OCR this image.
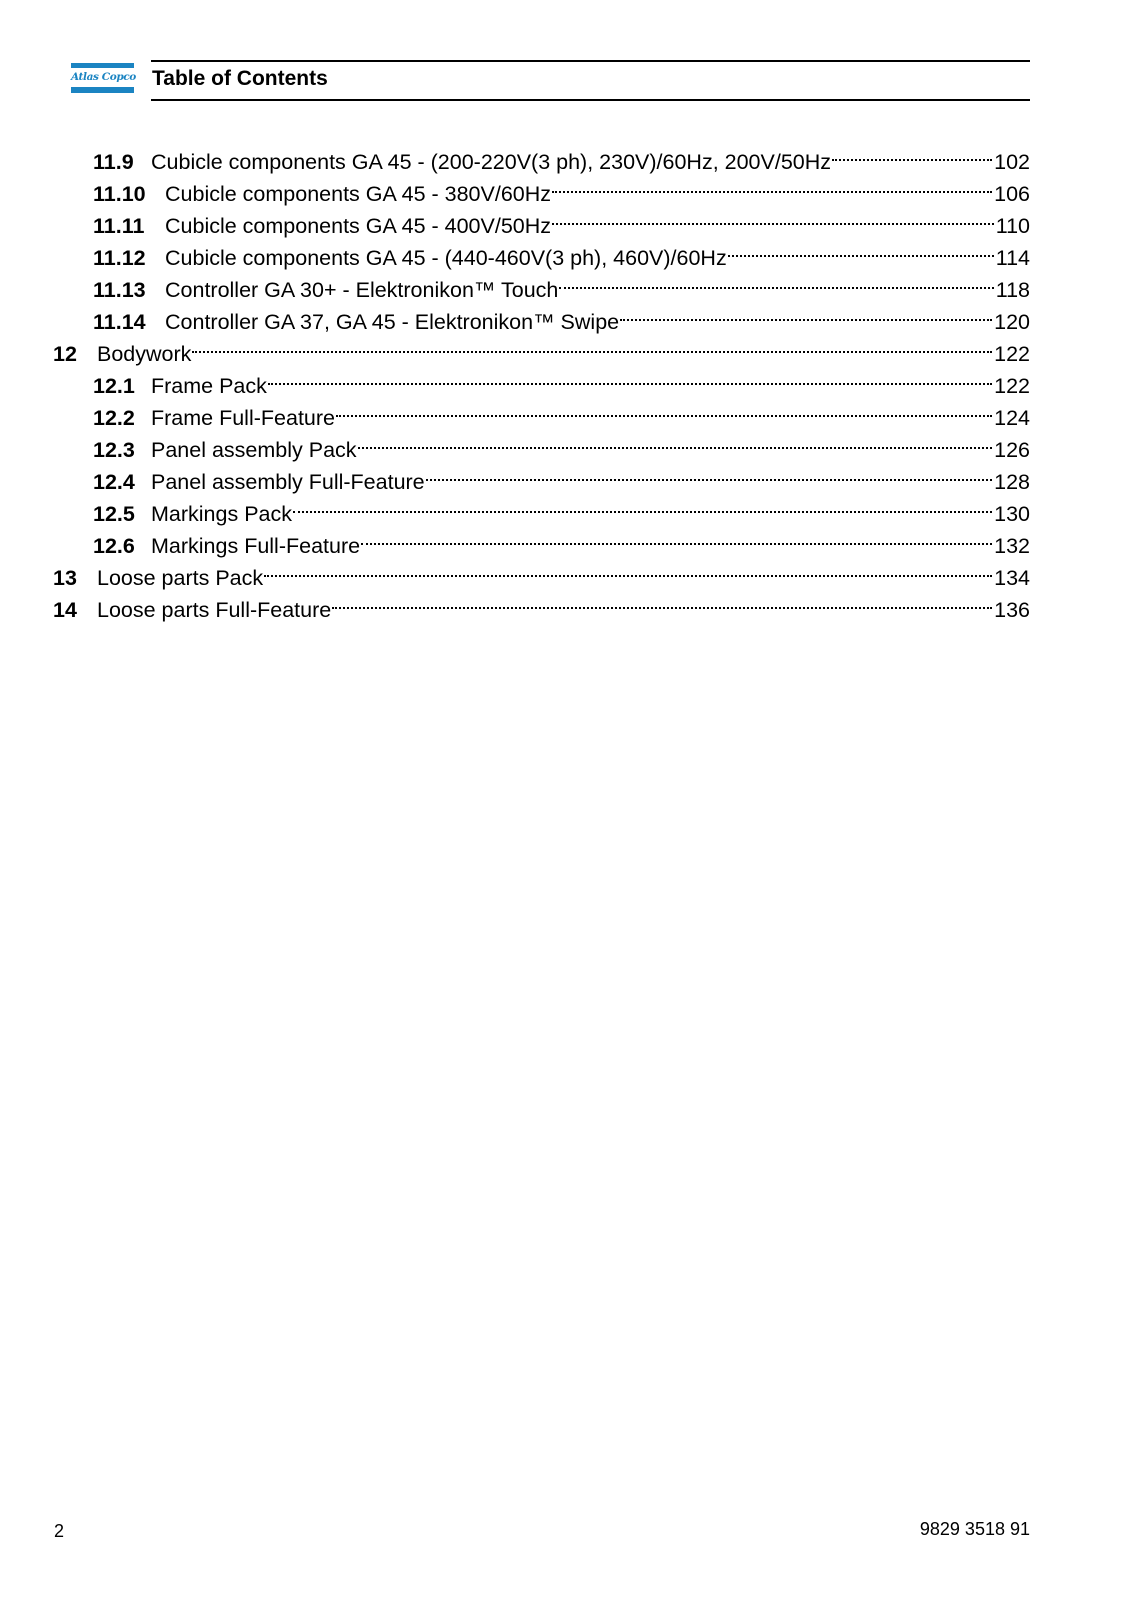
Atlas Copco Table of Contents
11.9 Cubicle components GA 45 - (200-220V(3 ph), 230V)/60Hz, 200V/50Hz	102
11.10 Cubicle components GA 45 - 380V/60Hz	106
11.11 Cubicle components GA 45 - 400V/50Hz	110
11.12 Cubicle components GA 45 - (440-460V(3 ph), 460V)/60Hz	114
11.13 Controller GA 30+ - Elektronikon™ Touch	118
11.14 Controller GA 37, GA 45 - Elektronikon™ Swipe	120
12 Bodywork	122
12.1 Frame Pack	122
12.2 Frame Full-Feature	124
12.3 Panel assembly Pack	126
12.4 Panel assembly Full-Feature	128
12.5 Markings Pack	130
12.6 Markings Full-Feature	132
13 Loose parts Pack	134
14 Loose parts Full-Feature	136
2	9829 3518 91
